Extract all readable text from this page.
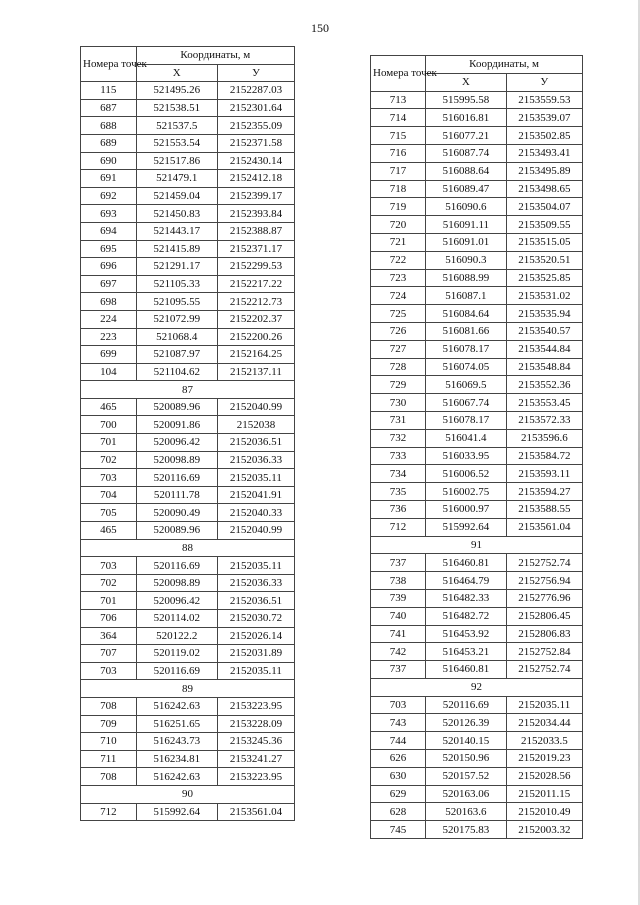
150
Номера точек	Координаты, м	
	X	У
115	521495.26	2152287.03
687	521538.51	2152301.64
688	521537.5	2152355.09
689	521553.54	2152371.58
690	521517.86	2152430.14
691	521479.1	2152412.18
692	521459.04	2152399.17
693	521450.83	2152393.84
694	521443.17	2152388.87
695	521415.89	2152371.17
696	521291.17	2152299.53
697	521105.33	2152217.22
698	521095.55	2152212.73
224	521072.99	2152202.37
223	521068.4	2152200.26
699	521087.97	2152164.25
104	521104.62	2152137.11
87		
465	520089.96	2152040.99
700	520091.86	2152038
701	520096.42	2152036.51
702	520098.89	2152036.33
703	520116.69	2152035.11
704	520111.78	2152041.91
705	520090.49	2152040.33
465	520089.96	2152040.99
88		
703	520116.69	2152035.11
702	520098.89	2152036.33
701	520096.42	2152036.51
706	520114.02	2152030.72
364	520122.2	2152026.14
707	520119.02	2152031.89
703	520116.69	2152035.11
89		
708	516242.63	2153223.95
709	516251.65	2153228.09
710	516243.73	2153245.36
711	516234.81	2153241.27
708	516242.63	2153223.95
90		
712	515992.64	2153561.04
Номера точек	Координаты, м	
	X	У
713	515995.58	2153559.53
714	516016.81	2153539.07
715	516077.21	2153502.85
716	516087.74	2153493.41
717	516088.64	2153495.89
718	516089.47	2153498.65
719	516090.6	2153504.07
720	516091.11	2153509.55
721	516091.01	2153515.05
722	516090.3	2153520.51
723	516088.99	2153525.85
724	516087.1	2153531.02
725	516084.64	2153535.94
726	516081.66	2153540.57
727	516078.17	2153544.84
728	516074.05	2153548.84
729	516069.5	2153552.36
730	516067.74	2153553.45
731	516078.17	2153572.33
732	516041.4	2153596.6
733	516033.95	2153584.72
734	516006.52	2153593.11
735	516002.75	2153594.27
736	516000.97	2153588.55
712	515992.64	2153561.04
91		
737	516460.81	2152752.74
738	516464.79	2152756.94
739	516482.33	2152776.96
740	516482.72	2152806.45
741	516453.92	2152806.83
742	516453.21	2152752.84
737	516460.81	2152752.74
92		
703	520116.69	2152035.11
743	520126.39	2152034.44
744	520140.15	2152033.5
626	520150.96	2152019.23
630	520157.52	2152028.56
629	520163.06	2152011.15
628	520163.6	2152010.49
745	520175.83	2152003.32
